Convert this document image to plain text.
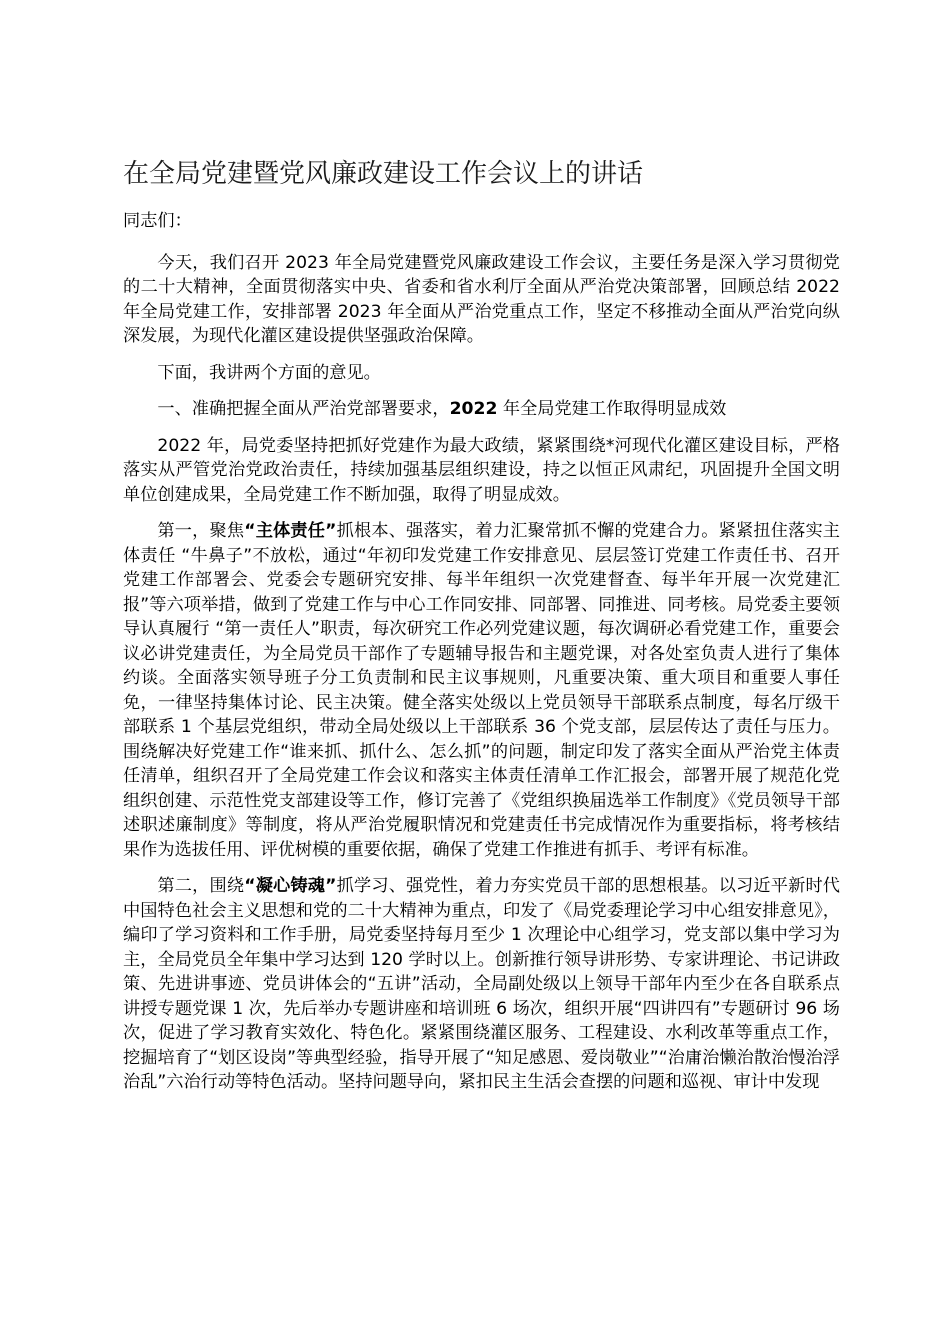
在全局党建暨党风廉政建设工作会议上的讲话

同志们：

今天，我们召开 2023 年全局党建暨党风廉政建设工作会议，主要任务是深入学习贯彻党的二十大精神，全面贯彻落实中央、省委和省水利厅全面从严治党决策部署，回顾总结 2022 年全局党建工作，安排部署 2023 年全面从严治党重点工作，坚定不移推动全面从严治党向纵深发展，为现代化灌区建设提供坚强政治保障。

下面，我讲两个方面的意见。

一、准确把握全面从严治党部署要求，2022 年全局党建工作取得明显成效

2022 年，局党委坚持把抓好党建作为最大政绩，紧紧围绕*河现代化灌区建设目标，严格落实从严管党治党政治责任，持续加强基层组织建设，持之以恒正风肃纪，巩固提升全国文明单位创建成果，全局党建工作不断加强，取得了明显成效。

第一，聚焦“主体责任”抓根本、强落实，着力汇聚常抓不懈的党建合力。紧紧扭住落实主体责任 “牛鼻子”不放松，通过“年初印发党建工作安排意见、层层签订党建工作责任书、召开党建工作部署会、党委会专题研究安排、每半年组织一次党建督查、每半年开展一次党建汇报”等六项举措，做到了党建工作与中心工作同安排、同部署、同推进、同考核。局党委主要领导认真履行 “第一责任人”职责，每次研究工作必列党建议题，每次调研必看党建工作，重要会议必讲党建责任，为全局党员干部作了专题辅导报告和主题党课，对各处室负责人进行了集体约谈。全面落实领导班子分工负责制和民主议事规则，凡重要决策、重大项目和重要人事任免，一律坚持集体讨论、民主决策。健全落实处级以上党员领导干部联系点制度，每名厅级干部联系 1 个基层党组织，带动全局处级以上干部联系 36 个党支部，层层传达了责任与压力。围绕解决好党建工作“谁来抓、抓什么、怎么抓”的问题，制定印发了落实全面从严治党主体责任清单，组织召开了全局党建工作会议和落实主体责任清单工作汇报会，部署开展了规范化党组织创建、示范性党支部建设等工作，修订完善了《党组织换届选举工作制度》《党员领导干部述职述廉制度》等制度，将从严治党履职情况和党建责任书完成情况作为重要指标，将考核结果作为选拔任用、评优树模的重要依据，确保了党建工作推进有抓手、考评有标准。

第二，围绕“凝心铸魂”抓学习、强党性，着力夯实党员干部的思想根基。以习近平新时代中国特色社会主义思想和党的二十大精神为重点，印发了《局党委理论学习中心组安排意见》，编印了学习资料和工作手册，局党委坚持每月至少 1 次理论中心组学习，党支部以集中学习为主，全局党员全年集中学习达到 120 学时以上。创新推行领导讲形势、专家讲理论、书记讲政策、先进讲事迹、党员讲体会的“五讲”活动，全局副处级以上领导干部年内至少在各自联系点讲授专题党课 1 次，先后举办专题讲座和培训班 6 场次，组织开展“四讲四有”专题研讨 96 场次，促进了学习教育实效化、特色化。紧紧围绕灌区服务、工程建设、水利改革等重点工作，挖掘培育了“划区设岗”等典型经验，指导开展了“知足感恩、爱岗敬业”“治庸治懒治散治慢治浮治乱”六治行动等特色活动。坚持问题导向，紧扣民主生活会查摆的问题和巡视、审计中发现
